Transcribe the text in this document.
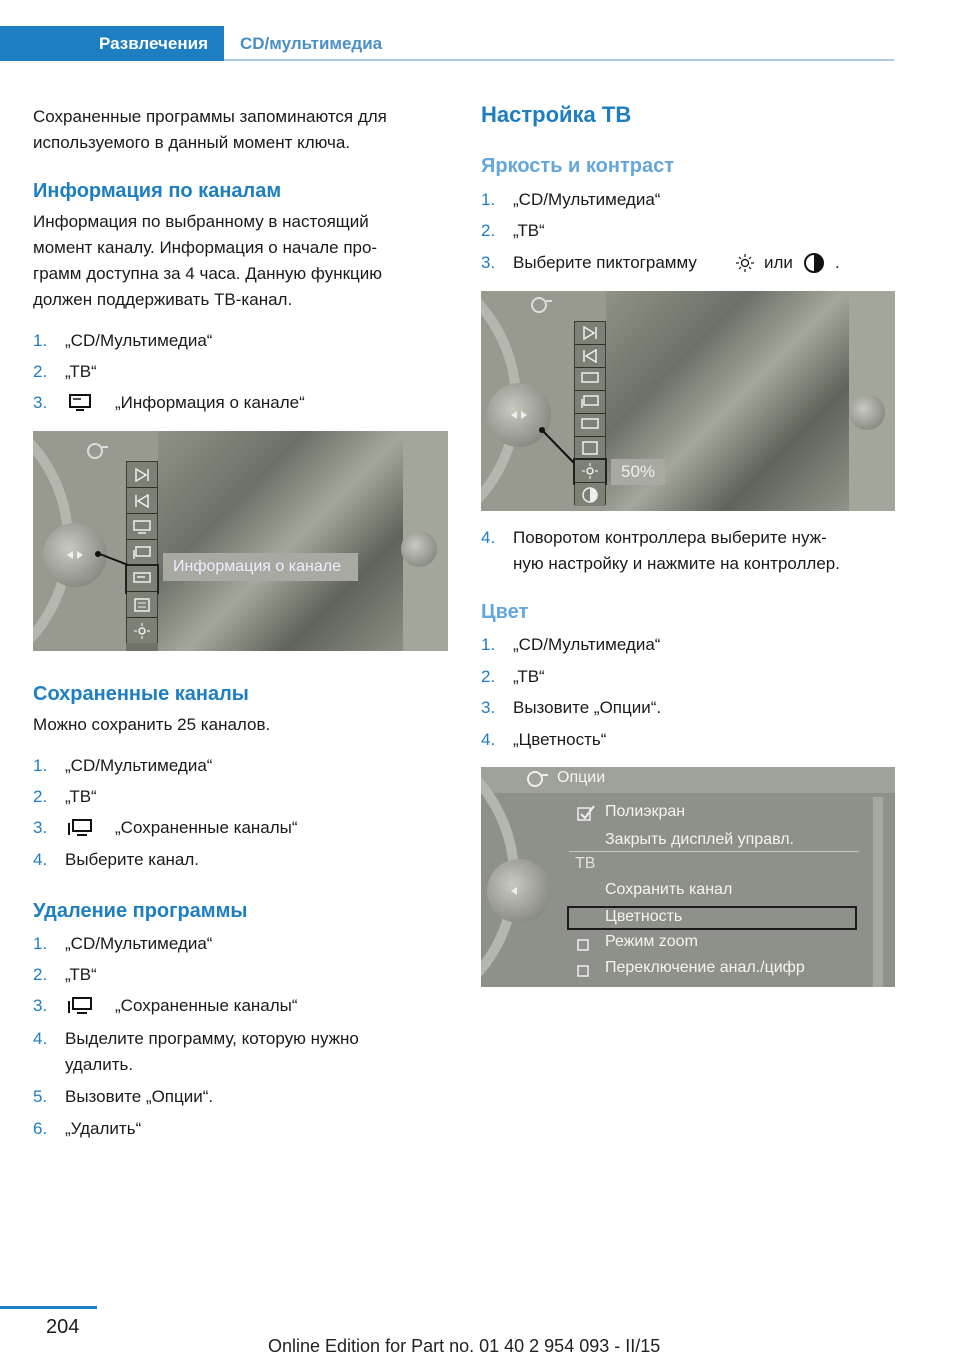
Развлечения	CD/мультимедиа
Сохраненные программы запоминаются для
используемого в данный момент ключа.
Информация по каналам
Информация по выбранному в настоящий
момент каналу. Информация о начале про-
грамм доступна за 4 часа. Данную функцию
должен поддерживать ТВ-канал.
1. „CD/Мультимедиа“
2. „ТВ“
3.	„Информация о канале“
Информация о канале
Сохраненные каналы
Можно сохранить 25 каналов.
1. „CD/Мультимедиа“
2. „ТВ“
3.	„Сохраненные каналы“
4. Выберите канал.
Удаление программы
1. „CD/Мультимедиа“
2. „ТВ“
3.	„Сохраненные каналы“
4. Выделите программу, которую нужно
удалить.
5. Вызовите „Опции“.
6. „Удалить“
Настройка ТВ
Яркость и контраст
1. „CD/Мультимедиа“
2. „ТВ“
3. Выберите пиктограмму	или .
50%
4. Поворотом контроллера выберите нуж-
ную настройку и нажмите на контроллер.
Цвет
1. „CD/Мультимедиа“
2. „ТВ“
3. Вызовите „Опции“.
4. „Цветность“
Опции
Полиэкран
Закрыть дисплей управл.
ТВ
Сохранить канал
Цветность
Режим zoom
Переключение анал./цифр
204
Online Edition for Part no. 01 40 2 954 093 - II/15
